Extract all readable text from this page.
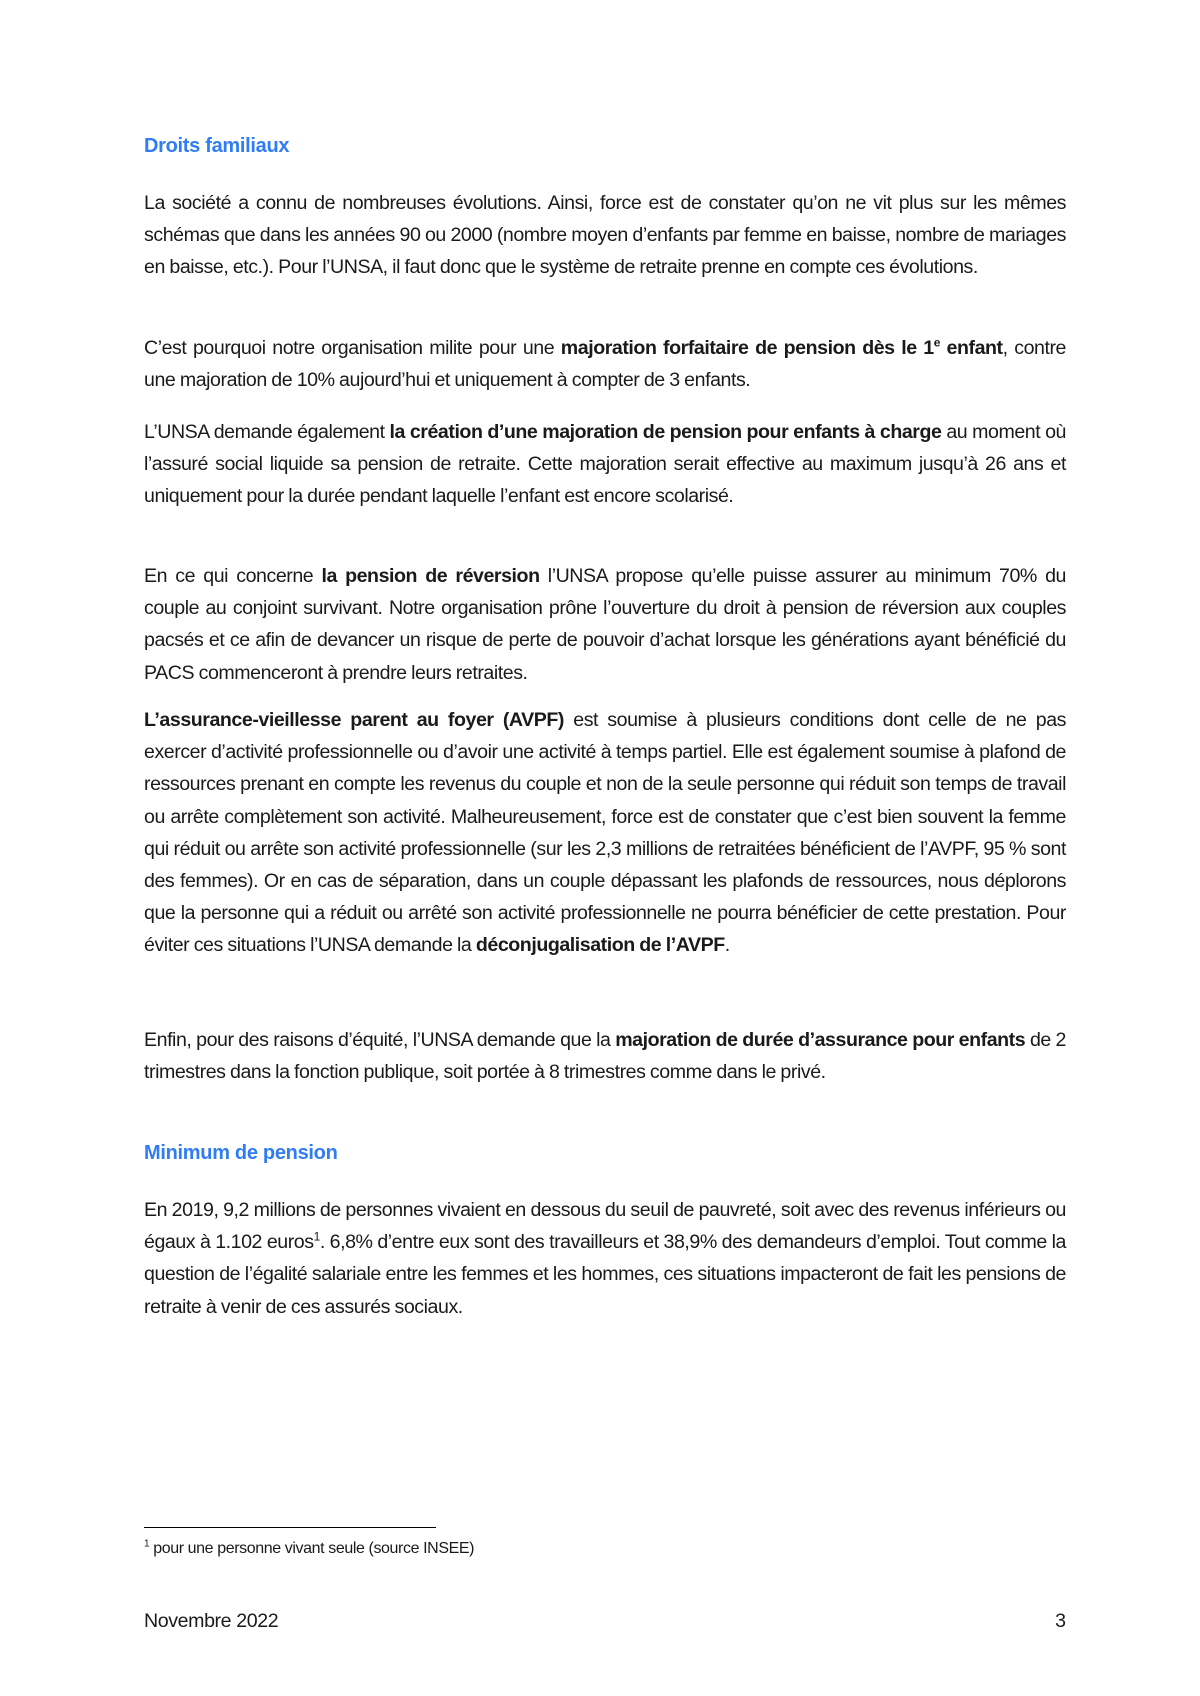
Droits familiaux

La société a connu de nombreuses évolutions. Ainsi, force est de constater qu’on ne vit plus sur les mêmes schémas que dans les années 90 ou 2000 (nombre moyen d’enfants par femme en baisse, nombre de mariages en baisse, etc.). Pour l’UNSA, il faut donc que le système de retraite prenne en compte ces évolutions.

C’est pourquoi notre organisation milite pour une majoration forfaitaire de pension dès le 1e enfant, contre une majoration de 10% aujourd’hui et uniquement à compter de 3 enfants.

L’UNSA demande également la création d’une majoration de pension pour enfants à charge au moment où l’assuré social liquide sa pension de retraite. Cette majoration serait effective au maximum jusqu’à 26 ans et uniquement pour la durée pendant laquelle l’enfant est encore scolarisé.

En ce qui concerne la pension de réversion l’UNSA propose qu’elle puisse assurer au minimum 70% du couple au conjoint survivant. Notre organisation prône l’ouverture du droit à pension de réversion aux couples pacsés et ce afin de devancer un risque de perte de pouvoir d’achat lorsque les générations ayant bénéficié du PACS commenceront à prendre leurs retraites.

L’assurance-vieillesse parent au foyer (AVPF) est soumise à plusieurs conditions dont celle de ne pas exercer d’activité professionnelle ou d’avoir une activité à temps partiel. Elle est également soumise à plafond de ressources prenant en compte les revenus du couple et non de la seule personne qui réduit son temps de travail ou arrête complètement son activité. Malheureusement, force est de constater que c’est bien souvent la femme qui réduit ou arrête son activité professionnelle (sur les 2,3 millions de retraitées bénéficient de l’AVPF, 95 % sont des femmes). Or en cas de séparation, dans un couple dépassant les plafonds de ressources, nous déplorons que la personne qui a réduit ou arrêté son activité professionnelle ne pourra bénéficier de cette prestation. Pour éviter ces situations l’UNSA demande la déconjugalisation de l’AVPF.

Enfin, pour des raisons d’équité, l’UNSA demande que la majoration de durée d’assurance pour enfants de 2 trimestres dans la fonction publique, soit portée à 8 trimestres comme dans le privé.

Minimum de pension

En 2019, 9,2 millions de personnes vivaient en dessous du seuil de pauvreté, soit avec des revenus inférieurs ou égaux à 1.102 euros$^1$. 6,8% d’entre eux sont des travailleurs et 38,9% des demandeurs d’emploi. Tout comme la question de l’égalité salariale entre les femmes et les hommes, ces situations impacteront de fait les pensions de retraite à venir de ces assurés sociaux.

$^1$ pour une personne vivant seule (source INSEE)

Novembre 2022	3
